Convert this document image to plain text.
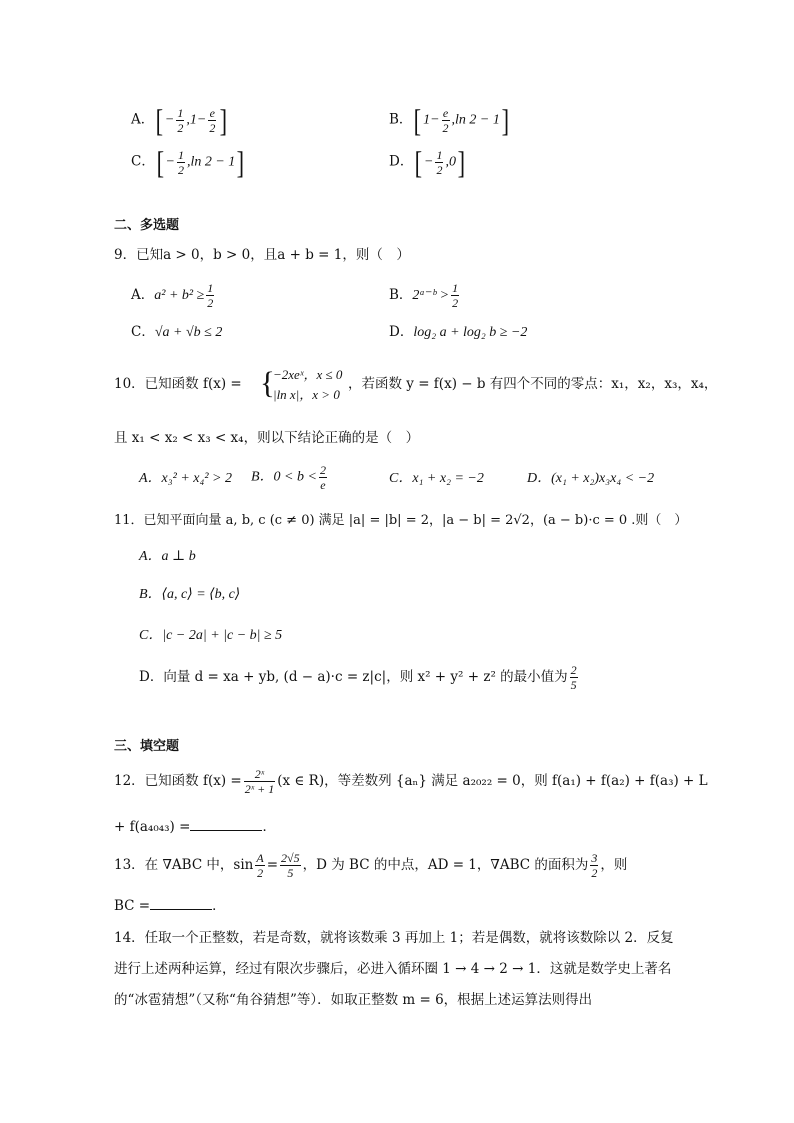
A．[ − $\frac{1}{2} ,1- \frac{e}{2}$ ]	B．[ $1- \frac{e}{2} ,\ln$ 2 − 1]
C．[ − $\frac{1}{2} ,\ln$ 2 − 1]	D．[ − $\frac{1}{2} ,0$]
二、多选题
9．已知a > 0，b > 0，且a + b = 1，则（　）
A．$a^2 + b^2 \ge \frac{1}{2}$	B．2ᵃ⁻ᵇ > $\frac{1}{2}$
C．√a + √b ≤ 2	D．log₂ a + log₂ b ≥ −2
10．已知函数 f(x) = {
−2xeˣ，x ≤ 0
|ln x|，x > 0
，若函数 y = f(x) − b 有四个不同的零点：x₁，x₂，x₃，x₄，
且 x₁ < x₂ < x₃ < x₄，则以下结论正确的是（　）
A．x₃² + x₄² > 2 B．$0 < b < \frac{2}{e}$	C．x₁ + x₂ = −2	D．(x₁ + x₂)x₃x₄ < −2
11．已知平面向量 a, b, c (c ≠ 0) 满足 |a| = |b| = 2，|a − b| = 2√2，(a − b)·c = 0 .则（　）
A．a ⊥ b
B．⟨a, c⟩ = ⟨b, c⟩
C．|c − 2a| + |c − b| ≥ 5
D．向量 d = xa + yb, (d − a)·c = z|c|，则 x² + y² + z² 的最小值为 $\frac{2}{5}$
三、填空题
12．已知函数 $f(x) = \frac{\text{2ˣ}}{\text{2ˣ + 1}} (x$ ∈ R)，等差数列 {aₙ} 满足 a₂₀₂₂ = 0，则 f(a₁) + f(a₂) + f(a₃) + L
+ f(a₄₀₄₃) =	．
13．在 ∇ABC 中，$\sin \frac{A}{2} = \frac{2√5}{5}$ ，D 为 BC 的中点，AD = 1，∇ABC 的面积为 $\frac{3}{2}$ ，则
BC =	．
14．任取一个正整数，若是奇数，就将该数乘 3 再加上 1；若是偶数，就将该数除以 2．反复
进行上述两种运算，经过有限次步骤后，必进入循环圈 1 → 4 → 2 → 1．这就是数学史上著名
的“冰雹猜想”（又称“角谷猜想”等）．如取正整数 m = 6，根据上述运算法则得出
